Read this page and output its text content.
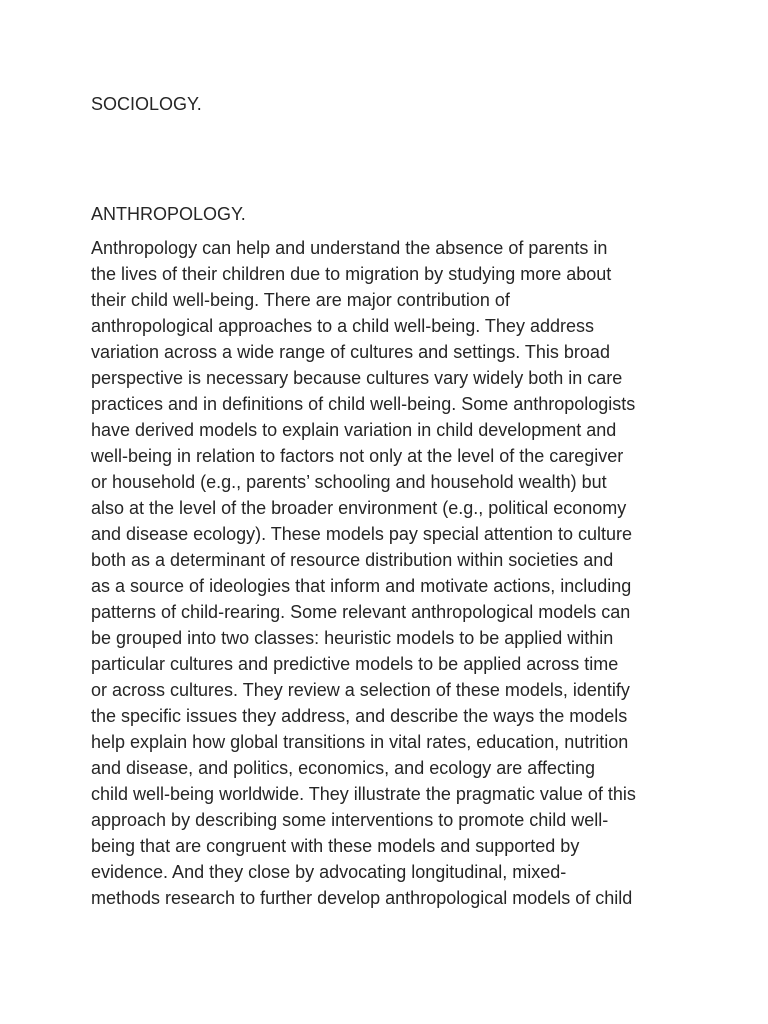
SOCIOLOGY.
ANTHROPOLOGY.
Anthropology can help and understand the absence of parents in
the lives of their children due to migration by studying more about
their child well-being. There are major contribution of
anthropological approaches to a child well-being. They address
variation across a wide range of cultures and settings. This broad
perspective is necessary because cultures vary widely both in care
practices and in definitions of child well-being. Some anthropologists
have derived models to explain variation in child development and
well-being in relation to factors not only at the level of the caregiver
or household (e.g., parents’ schooling and household wealth) but
also at the level of the broader environment (e.g., political economy
and disease ecology). These models pay special attention to culture
both as a determinant of resource distribution within societies and
as a source of ideologies that inform and motivate actions, including
patterns of child-rearing. Some relevant anthropological models can
be grouped into two classes: heuristic models to be applied within
particular cultures and predictive models to be applied across time
or across cultures. They review a selection of these models, identify
the specific issues they address, and describe the ways the models
help explain how global transitions in vital rates, education, nutrition
and disease, and politics, economics, and ecology are affecting
child well-being worldwide. They illustrate the pragmatic value of this
approach by describing some interventions to promote child well-
being that are congruent with these models and supported by
evidence. And they close by advocating longitudinal, mixed-
methods research to further develop anthropological models of child
